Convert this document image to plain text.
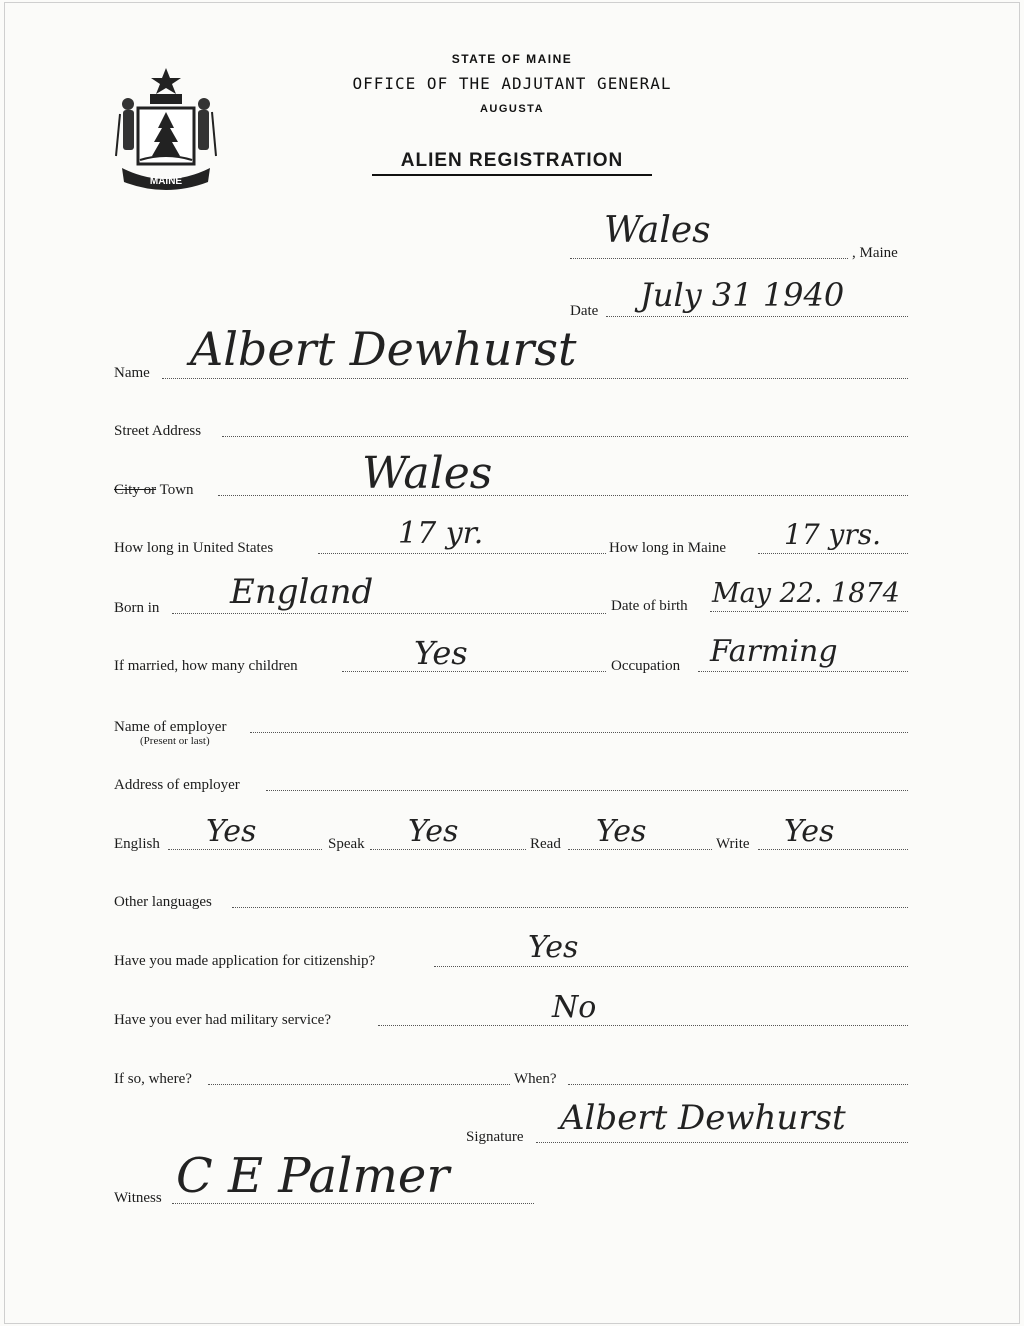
MAINE
STATE OF MAINE
OFFICE OF THE ADJUTANT GENERAL
AUGUSTA
ALIEN REGISTRATION
, Maine
Wales
Date July 31 1940
Name Albert Dewhurst
Street Address
City or Town	Wales
How long in United States	17 yr.	How long in Maine 17 yrs.
Born in England	Date of birth May 22. 1874
If married, how many children	Yes	Occupation Farming
Name of employer
(Present or last)
Address of employer
English Yes	Speak Yes	Read Yes	Write Yes
Other languages
Have you made application for citizenship?	Yes
Have you ever had military service?	No
If so, where?	When?
Signature Albert Dewhurst
Witness C E Palmer
